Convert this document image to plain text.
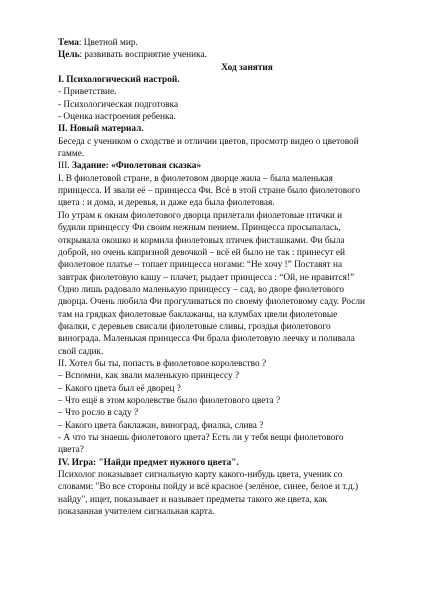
Тема: Цветной мир.
Цель: развивать восприятие ученика.
Ход занятия
I. Психологический настрой.
- Приветствие.
- Психологическая подготовка
- Оценка настроения ребенка.
II. Новый материал.
Беседа с учеником о сходстве и отличии цветов, просмотр видео о цветовой
гамме.
III. Задание: «Фиолетовая сказка»
I. В фиолетовой стране, в фиолетовом дворце жила – была маленькая
принцесса. И звали её – принцесса Фи. Всё в этой стране было фиолетового
цвета : и дома, и деревья, и даже еда была фиолетовая.
По утрам к окнам фиолетового дворца прилетали фиолетовые птички и
будили принцессу Фи своим нежным пением. Принцесса просыпалась,
открывала окошко и кормила фиолетовых птичек фисташками. Фи была
доброй, но очень капризной девочкой – всё ей было не так : принесут ей
фиолетовое платье – топает принцесса ногами: “Не хочу !” Поставят на
завтрак фиолетовую кашу – плачет, рыдает принцесса : “Ой, не нравится!”
Одно лишь радовало маленькую принцессу – сад, во дворе фиолетового
дворца. Очень любила Фи прогуливаться по своему фиолетовому саду. Росли
там на грядках фиолетовые баклажаны, на клумбах цвели фиолетовые
фиалки, с деревьев свисали фиолетовые сливы, гроздья фиолетового
винограда. Маленькая принцесса Фи брала фиолетовую леечку и поливала
свой садик.
II. Хотел бы ты, попасть в фиолетовое королевство ?
– Вспомни, как звали маленькую принцессу ?
– Какого цвета был её дворец ?
– Что ещё в этом королевстве было фиолетового цвета ?
– Что росло в саду ?
– Какого цвета баклажан, виноград, фиалка, слива ?
- А что ты знаешь фиолетового цвета? Есть ли у тебя вещи фиолетового
цвета?
IV. Игра: "Найди предмет нужного цвета".
Психолог показывает сигнальную карту какого-нибудь цвета, ученик со
словами: "Во все стороны пойду и всё красное (зелёное, синее, белое и т.д.)
найду", ищет, показывает и называет предметы такого же цвета, как
показанная учителем сигнальная карта.
